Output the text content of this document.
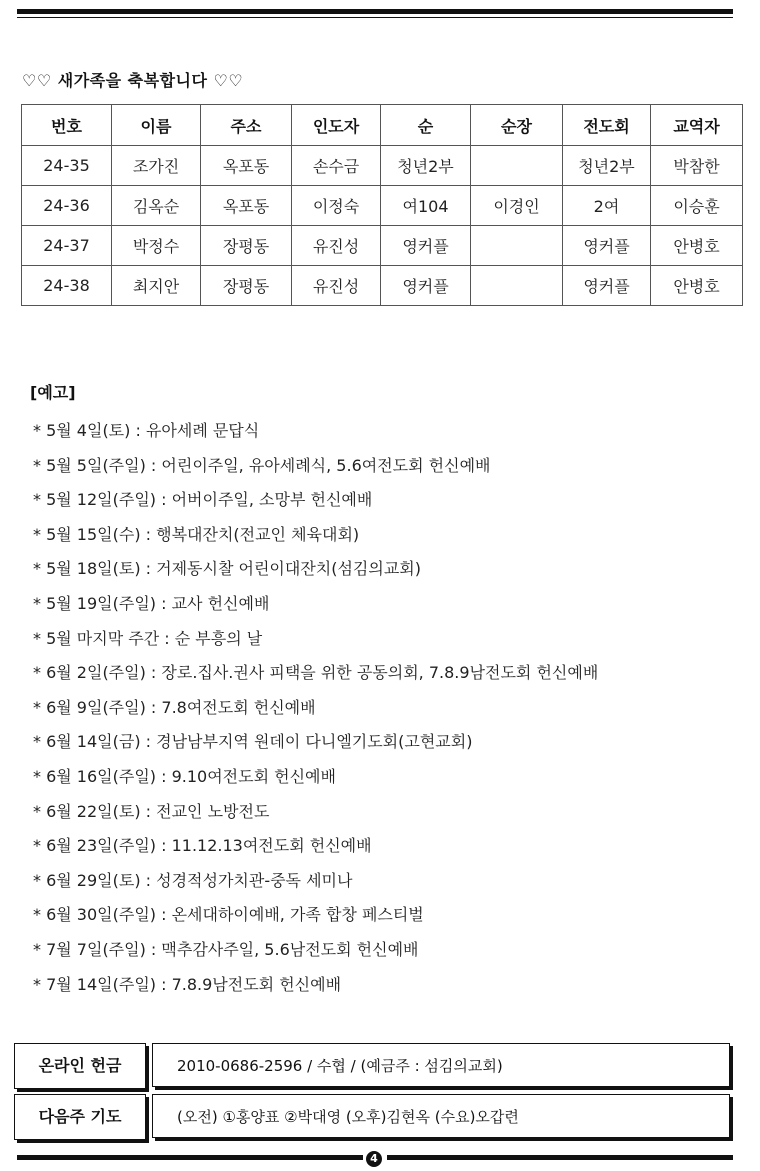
♡♡ 새가족을 축복합니다 ♡♡
번호	이름	주소	인도자	순	순장	전도회	교역자
24-35	조가진	옥포동	손수금	청년2부		청년2부	박참한
24-36	김옥순	옥포동	이정숙	여104	이경인	2여	이승훈
24-37	박정수	장평동	유진성	영커플		영커플	안병호
24-38	최지안	장평동	유진성	영커플		영커플	안병호
[예고]
* 5월 4일(토) : 유아세례 문답식
* 5월 5일(주일) : 어린이주일, 유아세례식, 5.6여전도회 헌신예배
* 5월 12일(주일) : 어버이주일, 소망부 헌신예배
* 5월 15일(수) : 행복대잔치(전교인 체육대회)
* 5월 18일(토) : 거제동시찰 어린이대잔치(섬김의교회)
* 5월 19일(주일) : 교사 헌신예배
* 5월 마지막 주간 : 순 부흥의 날
* 6월 2일(주일) : 장로.집사.권사 피택을 위한 공동의회, 7.8.9남전도회 헌신예배
* 6월 9일(주일) : 7.8여전도회 헌신예배
* 6월 14일(금) : 경남남부지역 원데이 다니엘기도회(고현교회)
* 6월 16일(주일) : 9.10여전도회 헌신예배
* 6월 22일(토) : 전교인 노방전도
* 6월 23일(주일) : 11.12.13여전도회 헌신예배
* 6월 29일(토) : 성경적성가치관-중독 세미나
* 6월 30일(주일) : 온세대하이예배, 가족 합창 페스티벌
* 7월 7일(주일) : 맥추감사주일, 5.6남전도회 헌신예배
* 7월 14일(주일) : 7.8.9남전도회 헌신예배
온라인 헌금	2010-0686-2596 / 수협 / (예금주 : 섬김의교회)
다음주 기도	(오전) ①홍양표 ②박대영 (오후)김현옥 (수요)오갑련
4
